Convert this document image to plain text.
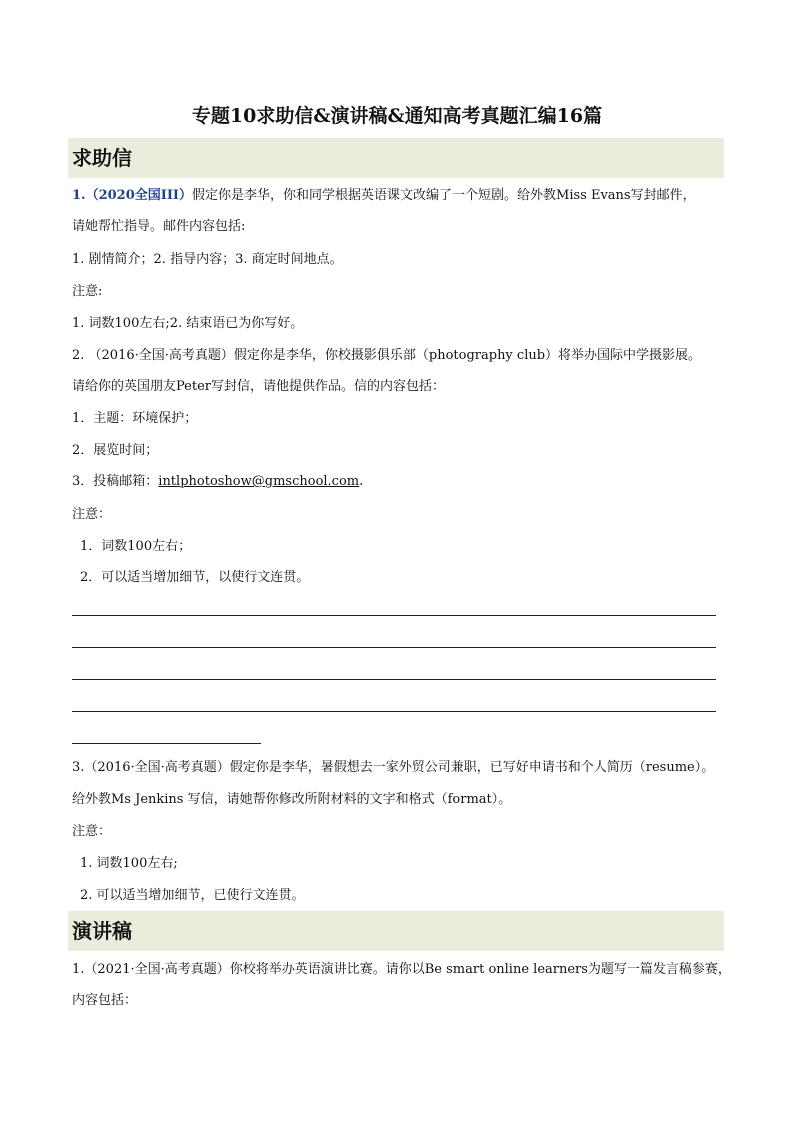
专题10求助信&演讲稿&通知高考真题汇编16篇
求助信
1.（2020全国III）假定你是李华，你和同学根据英语课文改编了一个短剧。给外教Miss Evans写封邮件，
请她帮忙指导。邮件内容包括:
1. 剧情简介；2. 指导内容；3. 商定时间地点。
注意:
1. 词数100左右;2. 结束语已为你写好。
2. （2016·全国·高考真题）假定你是李华，你校摄影俱乐部（photography club）将举办国际中学摄影展。
请给你的英国朋友Peter写封信，请他提供作品。信的内容包括：
1．主题：环境保护；
2．展览时间；
3．投稿邮箱：intlphotoshow@gmschool.com.
注意：
1．词数100左右；
2．可以适当增加细节，以使行文连贯。
3.（2016·全国·高考真题）假定你是李华，暑假想去一家外贸公司兼职，已写好申请书和个人简历（resume）。
给外教Ms Jenkins 写信，请她帮你修改所附材料的文字和格式（format）。
注意：
1. 词数100左右;
2. 可以适当增加细节，已使行文连贯。
演讲稿
1.（2021·全国·高考真题）你校将举办英语演讲比赛。请你以Be smart online learners为题写一篇发言稿参赛，
内容包括：
